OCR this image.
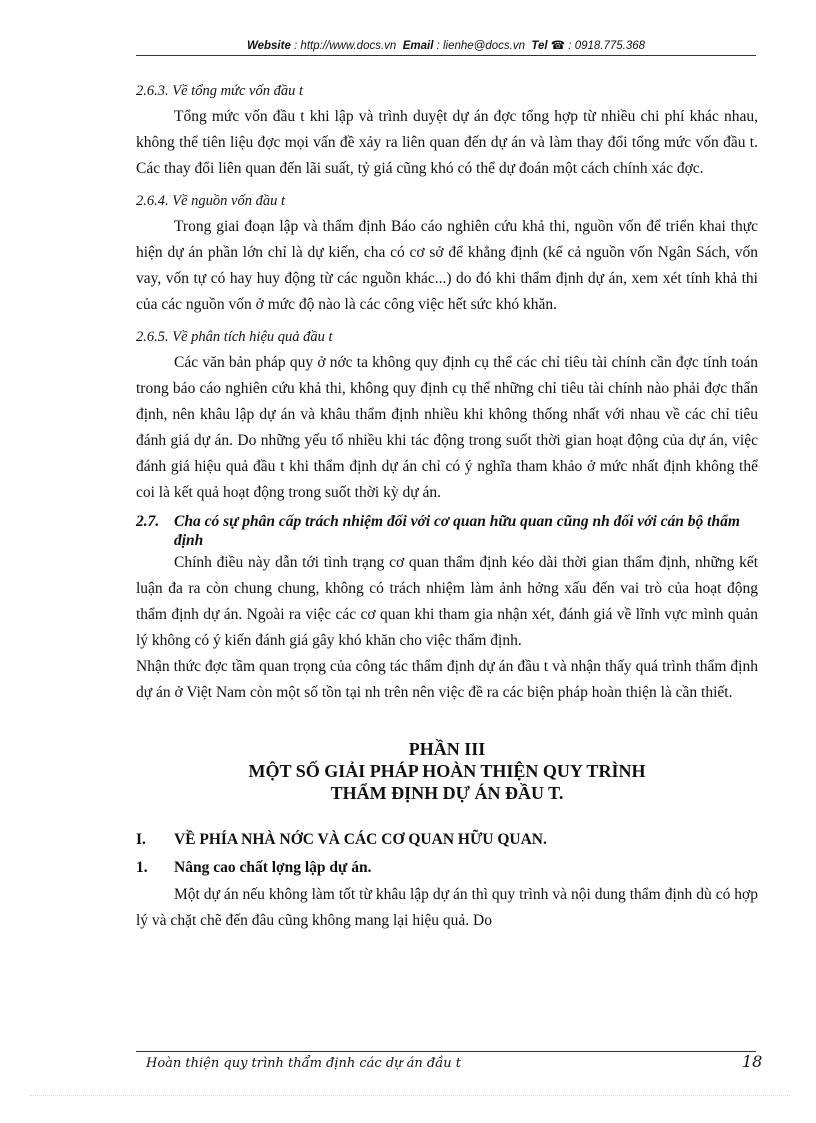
Website : http://www.docs.vn Email : lienhe@docs.vn Tel ☎ : 0918.775.368
2.6.3. Về tổng mức vốn đầu t

Tổng mức vốn đầu t khi lập và trình duyệt dự án đợc tổng hợp từ nhiều chi phí khác nhau, không thể tiên liệu đợc mọi vấn đề xảy ra liên quan đến dự án và làm thay đổi tổng mức vốn đầu t. Các thay đổi liên quan đến lãi suất, tỷ giá cũng khó có thể dự đoán một cách chính xác đợc.

2.6.4. Về nguồn vốn đầu t

Trong giai đoạn lập và thẩm định Báo cáo nghiên cứu khả thi, nguồn vốn để triển khai thực hiện dự án phần lớn chỉ là dự kiến, cha có cơ sở để khẳng định (kể cả nguồn vốn Ngân Sách, vốn vay, vốn tự có hay huy động từ các nguồn khác...) do đó khi thẩm định dự án, xem xét tính khả thi của các nguồn vốn ở mức độ nào là các công việc hết sức khó khăn.

2.6.5. Về phân tích hiệu quả đầu t

Các văn bản pháp quy ở nớc ta không quy định cụ thể các chỉ tiêu tài chính cần đợc tính toán trong báo cáo nghiên cứu khả thi, không quy định cụ thể những chỉ tiêu tài chính nào phải đợc thẩn định, nên khâu lập dự án và khâu thẩm định nhiều khi không thống nhất với nhau về các chỉ tiêu đánh giá dự án. Do những yếu tố nhiều khi tác động trong suốt thời gian hoạt động của dự án, việc đánh giá hiệu quả đầu t khi thẩm định dự án chỉ có ý nghĩa tham khảo ở mức nhất định không thể coi là kết quả hoạt động trong suốt thời kỳ dự án.

2.7. Cha có sự phân cấp trách nhiệm đối với cơ quan hữu quan cũng nh đối với cán bộ thẩm định

Chính điều này dẫn tới tình trạng cơ quan thẩm định kéo dài thời gian thẩm định, những kết luận đa ra còn chung chung, không có trách nhiệm làm ảnh hởng xấu đến vai trò của hoạt động thẩm định dự án. Ngoài ra việc các cơ quan khi tham gia nhận xét, đánh giá về lĩnh vực mình quản lý không có ý kiến đánh giá gây khó khăn cho việc thẩm định.

Nhận thức đợc tầm quan trọng của công tác thẩm định dự án đầu t và nhận thấy quá trình thẩm định dự án ở Việt Nam còn một số tồn tại nh trên nên việc đề ra các biện pháp hoàn thiện là cần thiết.

PHẦN III
MỘT SỐ GIẢI PHÁP HOÀN THIỆN QUY TRÌNH
THẨM ĐỊNH DỰ ÁN ĐẦU T.
I.	VỀ PHÍA NHÀ NỚC VÀ CÁC CƠ QUAN HỮU QUAN.
1.	Nâng cao chất lợng lập dự án.

Một dự án nếu không làm tốt từ khâu lập dự án thì quy trình và nội dung thẩm định dù có hợp lý và chặt chẽ đến đâu cũng không mang lại hiệu quả. Do

Hoàn thiện quy trình thẩm định các dự án đầu t	18
